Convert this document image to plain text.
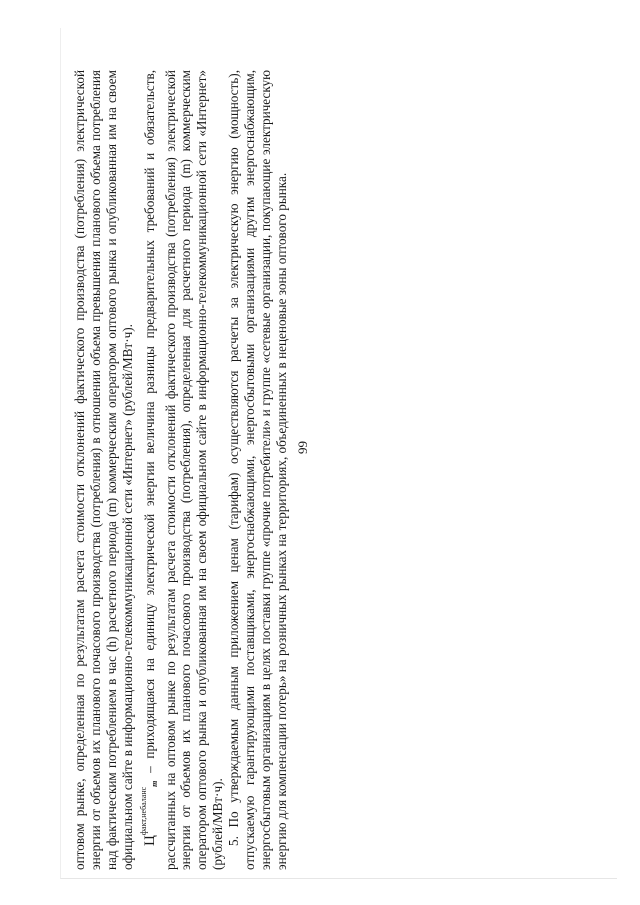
99

оптовом рынке, определенная по результатам расчета стоимости отклонений фактического производства (потребления) электрической энергии от объемов их планового почасового производства (потребления) в отношении объема превышения планового объема потребления над фактическим потреблением в час (h) расчетного периода (m) коммерческим оператором оптового рынка и опубликованная им на своем официальном сайте в информационно-телекоммуникационной сети «Интернет» (рублей/МВт·ч). $Ц^{факт,небаланс}_m$ – приходящаяся на единицу электрической энергии величина разницы предварительных требований и обязательств, рассчитанных на оптовом рынке по результатам расчета стоимости отклонений фактического производства (потребления) электрической энергии от объемов их планового почасового производства (потребления), определенная для расчетного периода (m) коммерческим оператором оптового рынка и опубликованная им на своем официальном сайте в информационно-телекоммуникационной сети «Интернет» (рублей/МВт·ч). 5. По утверждаемым данным приложением ценам (тарифам) осуществляются расчеты за электрическую энергию (мощность), отпускаемую гарантирующими поставщиками, энергоснабжающими, энергосбытовыми организациями другим энергоснабжающим, энергосбытовым организациям в целях поставки группе «прочие потребители» и группе «сетевые организации, покупающие электрическую энергию для компенсации потерь» на розничных рынках на территориях, объединенных в неценовые зоны оптового рынка.
